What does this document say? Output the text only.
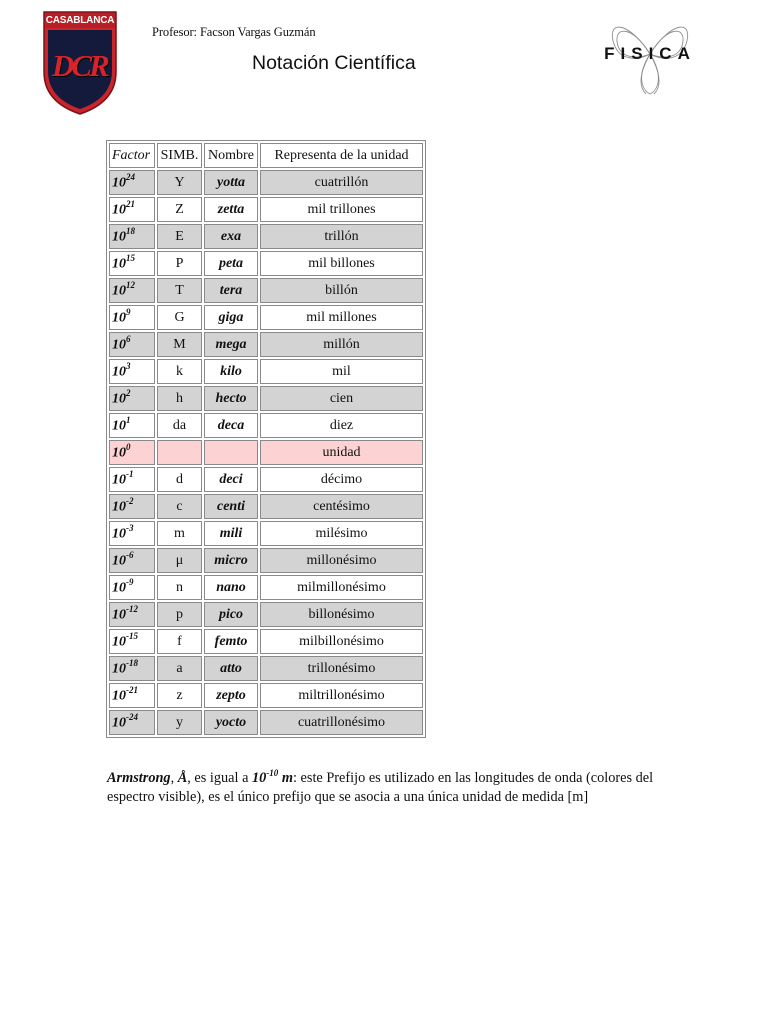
CASABLANCA
DCR
Profesor: Facson Vargas Guzmán
Notación Científica	FISICA
Factor	SIMB.	Nombre	Representa de la unidad
$10^{24}$	Y	yotta	cuatrillón
$10^{21}$	Z	zetta	mil trillones
$10^{18}$	E	exa	trillón
$10^{15}$	P	peta	mil billones
$10^{12}$	T	tera	billón
$10^9$	G	giga	mil millones
$10^6$	M	mega	millón
$10^3$	k	kilo	mil
$10^2$	h	hecto	cien
$10^1$	da	deca	diez
$10^0$			unidad
$10^{-1}$	d	deci	décimo
$10^{-2}$	c	centi	centésimo
$10^{-3}$	m	mili	milésimo
$10^{-6}$	μ	micro	millonésimo
$10^{-9}$	n	nano	milmillonésimo
$10^{-12}$	p	pico	billonésimo
$10^{-15}$	f	femto	milbillonésimo
$10^{-18}$	a	atto	trillonésimo
$10^{-21}$	z	zepto	miltrillonésimo
$10^{-24}$	y	yocto	cuatrillonésimo

Armstrong, Å, es igual a $10^{-10}$ m: este Prefijo es utilizado en las longitudes de onda (colores del espectro visible), es el único prefijo que se asocia a una única unidad de medida [m]
